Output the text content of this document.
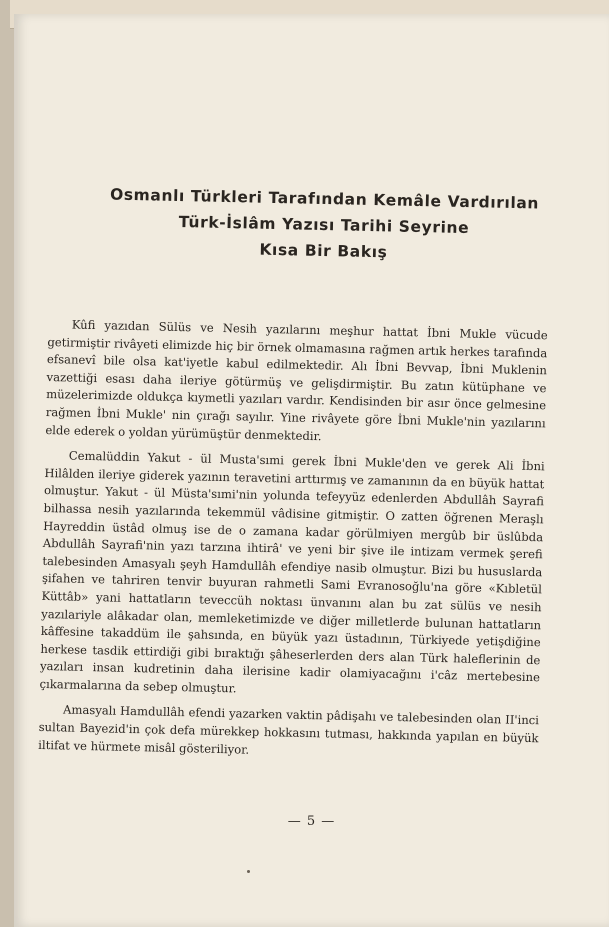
Osmanlı Türkleri Tarafından Kemâle Vardırılan
Türk-İslâm Yazısı Tarihi Seyrine
Kısa Bir Bakış

Kûfi yazıdan Sülüs ve Nesih yazılarını meşhur hattat İbni Mukle vücude getirmiştir rivâyeti elimizde hiç bir örnek olmamasına rağmen artık herkes tarafında efsanevî bile olsa kat'iyetle kabul edilmektedir. Alı İbni Bevvap, İbni Muklenin vazettiği esası daha ileriye götürmüş ve gelişdirmiştir. Bu zatın kütüphane ve müzelerimizde oldukça kıymetli yazıları vardır. Kendisinden bir asır önce gelmesine rağmen İbni Mukle' nin çırağı sayılır. Yine rivâyete göre İbni Mukle'nin yazılarını elde ederek o yoldan yürümüştür denmektedir.

Cemalüddin Yakut - ül Musta'sımi gerek İbni Mukle'den ve gerek Ali İbni Hilâlden ileriye giderek yazının teravetini arttırmış ve zamanının da en büyük hattat olmuştur. Yakut - ül Müsta'sımi'nin yolunda tefeyyüz edenlerden Abdullâh Sayrafi bilhassa nesih yazılarında tekemmül vâdisine gitmiştir. O zatten öğrenen Meraşlı Hayreddin üstâd olmuş ise de o zamana kadar görülmiyen mergûb bir üslûbda Abdullâh Sayrafi'nin yazı tarzına ihtirâ' ve yeni bir şive ile intizam vermek şerefi talebesinden Amasyalı şeyh Hamdullâh efendiye nasib olmuştur. Bizi bu hususlarda şifahen ve tahriren tenvir buyuran rahmetli Sami Evranosoğlu'na göre «Kıbletül Küttâb» yani hattatların teveccüh noktası ünvanını alan bu zat sülüs ve nesih yazılariyle alâkadar olan, memleketimizde ve diğer milletlerde bulunan hattatların kâffesine takaddüm ile şahsında, en büyük yazı üstadının, Türkiyede yetişdiğine herkese tasdik ettirdiği gibi bıraktığı şâheserlerden ders alan Türk haleflerinin de yazıları insan kudretinin daha ilerisine kadir olamiyacağını i'câz mertebesine çıkarmalarına da sebep olmuştur.

Amasyalı Hamdullâh efendi yazarken vaktin pâdişahı ve talebesinden olan II'inci sultan Bayezid'in çok defa mürekkep hokkasını tutması, hakkında yapılan en büyük iltifat ve hürmete misâl gösteriliyor.

— 5 —
